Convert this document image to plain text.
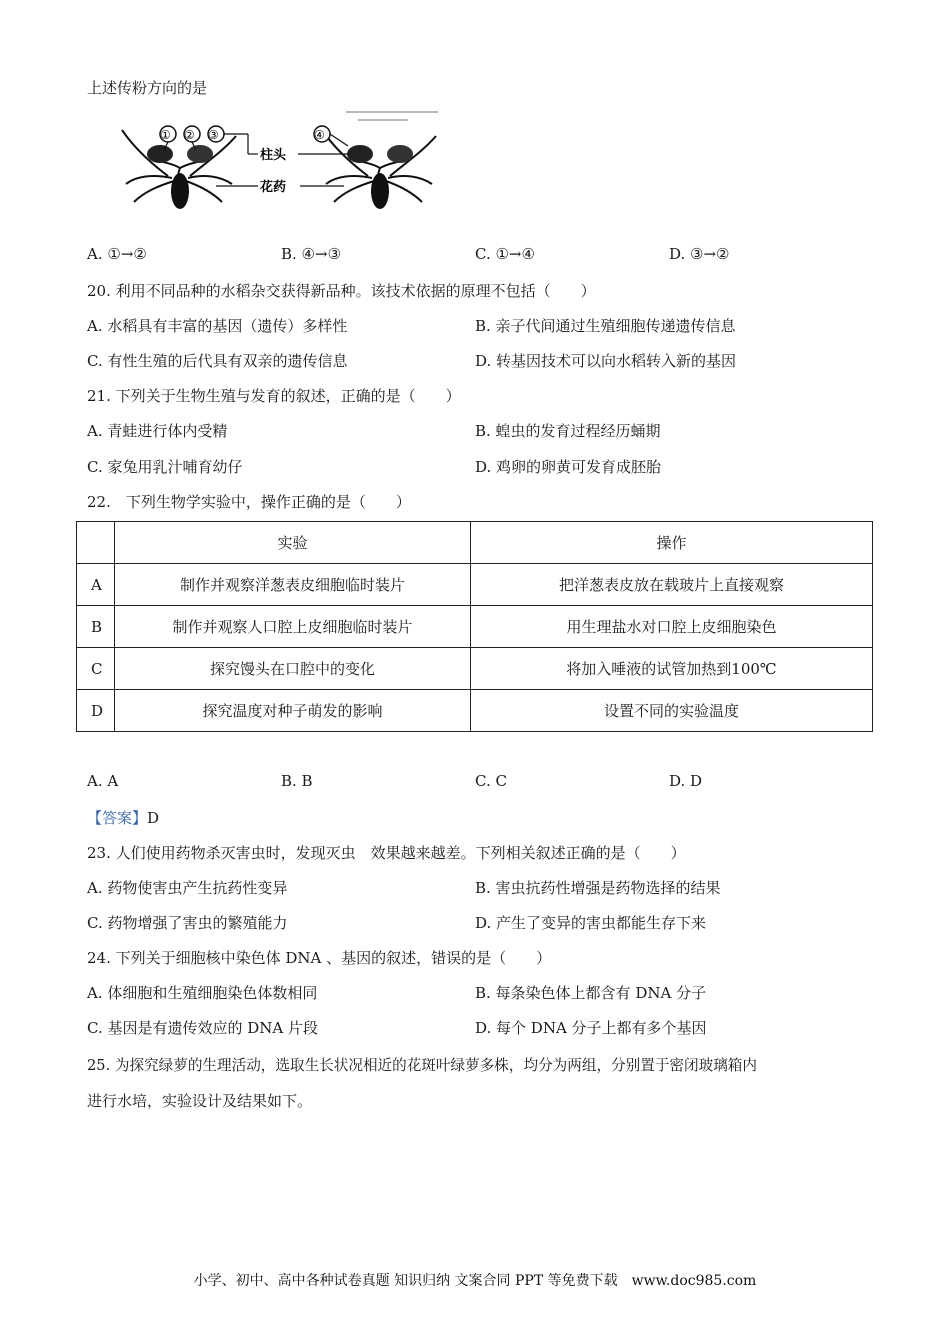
上述传粉方向的是
① ② ③	④
柱头
花药
A. ①→②	B. ④→③	C. ①→④	D. ③→②
20. 利用不同品种的水稻杂交获得新品种。该技术依据的原理不包括（　　）
A. 水稻具有丰富的基因（遗传）多样性	B. 亲子代间通过生殖细胞传递遗传信息
C. 有性生殖的后代具有双亲的遗传信息	D. 转基因技术可以向水稻转入新的基因
21. 下列关于生物生殖与发育的叙述，正确的是（　　）
A. 青蛙进行体内受精	B. 蝗虫的发育过程经历蛹期
C. 家兔用乳汁哺育幼仔	D. 鸡卵的卵黄可发育成胚胎
22.　下列生物学实验中，操作正确的是（　　）
	实验	操作
A	制作并观察洋葱表皮细胞临时装片	把洋葱表皮放在载玻片上直接观察
B	制作并观察人口腔上皮细胞临时装片	用生理盐水对口腔上皮细胞染色
C	探究馒头在口腔中的变化	将加入唾液的试管加热到100℃
D	探究温度对种子萌发的影响	设置不同的实验温度
A. A	B. B	C. C	D. D
【答案】D
23. 人们使用药物杀灭害虫时，发现灭虫　效果越来越差。下列相关叙述正确的是（　　）
A. 药物使害虫产生抗药性变异	B. 害虫抗药性增强是药物选择的结果
C. 药物增强了害虫的繁殖能力	D. 产生了变异的害虫都能生存下来
24. 下列关于细胞核中染色体 DNA 、基因的叙述，错误的是（　　）
A. 体细胞和生殖细胞染色体数相同	B. 每条染色体上都含有 DNA 分子
C. 基因是有遗传效应的 DNA 片段	D. 每个 DNA 分子上都有多个基因
25. 为探究绿萝的生理活动，选取生长状况相近的花斑叶绿萝多株，均分为两组，分别置于密闭玻璃箱内
进行水培，实验设计及结果如下。
小学、初中、高中各种试卷真题 知识归纳 文案合同 PPT 等免费下载　www.doc985.com
